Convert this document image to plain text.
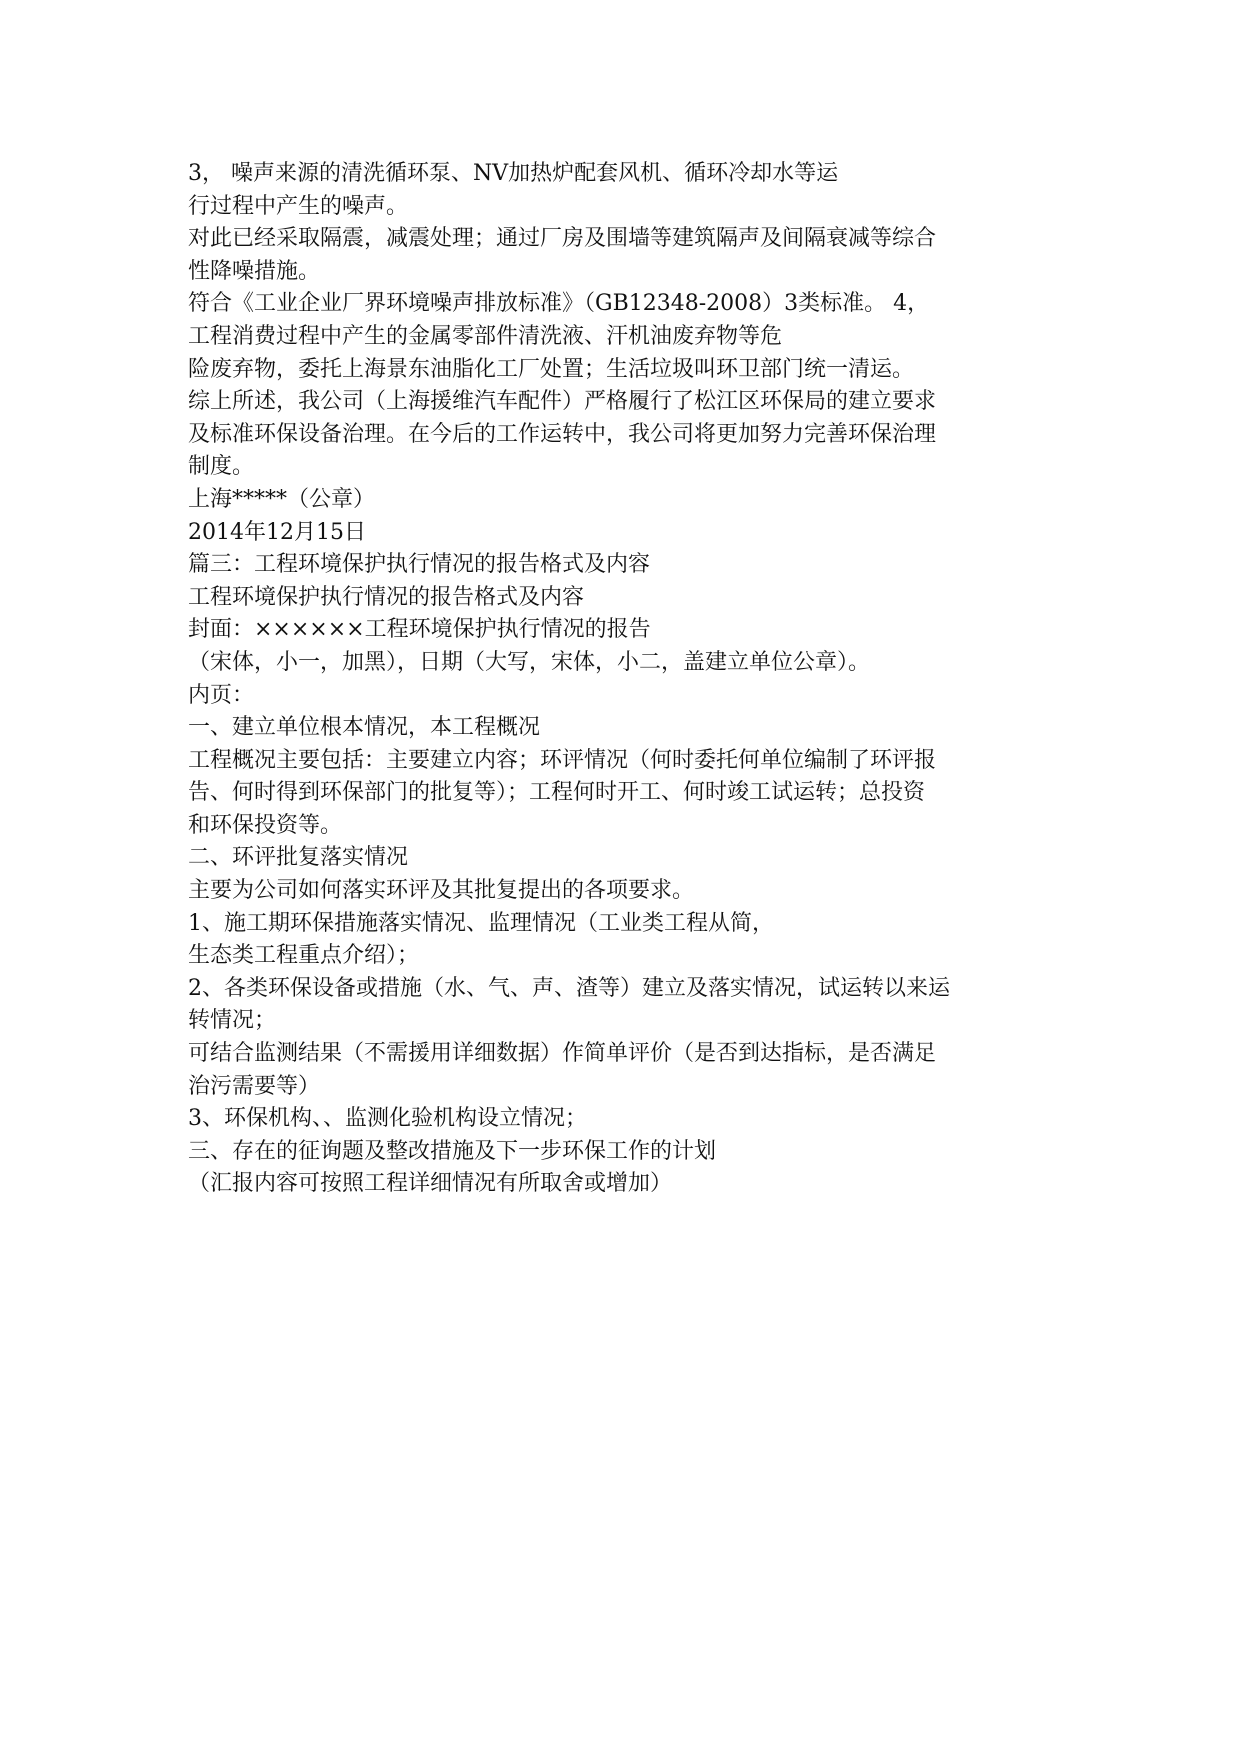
3， 噪声来源的清洗循环泵、NV加热炉配套风机、循环冷却水等运
行过程中产生的噪声。
对此已经采取隔震，减震处理；通过厂房及围墙等建筑隔声及间隔衰减等综合
性降噪措施。
符合《工业企业厂界环境噪声排放标准》（GB12348-2008）3类标准。 4，
工程消费过程中产生的金属零部件清洗液、汗机油废弃物等危
险废弃物，委托上海景东油脂化工厂处置；生活垃圾叫环卫部门统一清运。
综上所述，我公司（上海援维汽车配件）严格履行了松江区环保局的建立要求
及标准环保设备治理。在今后的工作运转中，我公司将更加努力完善环保治理
制度。
上海*****（公章）
2014年12月15日
篇三：工程环境保护执行情况的报告格式及内容
工程环境保护执行情况的报告格式及内容
封面：××××××工程环境保护执行情况的报告
（宋体，小一，加黑），日期（大写，宋体，小二，盖建立单位公章）。
内页：
一、建立单位根本情况，本工程概况
工程概况主要包括：主要建立内容；环评情况（何时委托何单位编制了环评报
告、何时得到环保部门的批复等）；工程何时开工、何时竣工试运转；总投资
和环保投资等。
二、环评批复落实情况
主要为公司如何落实环评及其批复提出的各项要求。
1、施工期环保措施落实情况、监理情况（工业类工程从简，
生态类工程重点介绍）；
2、各类环保设备或措施（水、气、声、渣等）建立及落实情况，试运转以来运
转情况；
可结合监测结果（不需援用详细数据）作简单评价（是否到达指标，是否满足
治污需要等）
3、环保机构、、监测化验机构设立情况；
三、存在的征询题及整改措施及下一步环保工作的计划
（汇报内容可按照工程详细情况有所取舍或增加）
